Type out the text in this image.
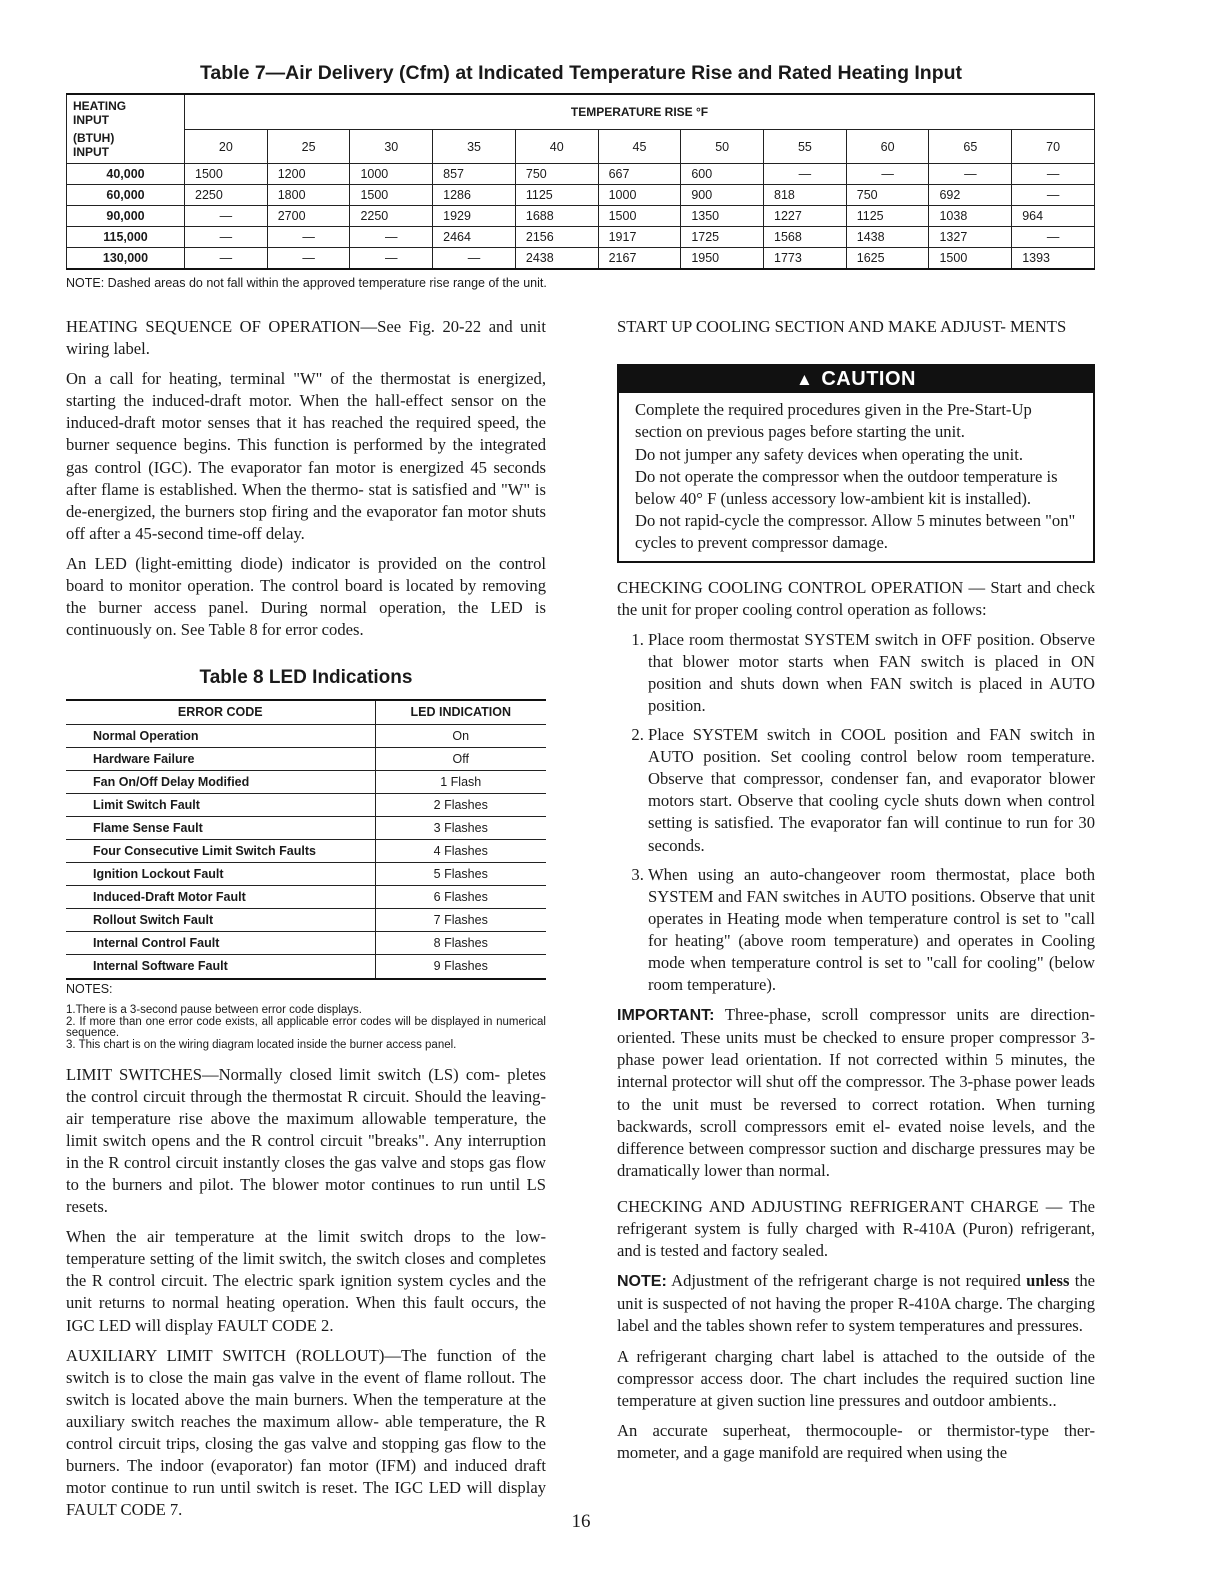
Table 7—Air Delivery (Cfm) at Indicated Temperature Rise and Rated Heating Input
HEATING
INPUT
(BTUH)
INPUT	TEMPERATURE RISE °F										
	20	25	30	35	40	45	50	55	60	65	70
40,000	1500	1200	1000	857	750	667	600	—	—	—	—
60,000	2250	1800	1500	1286	1125	1000	900	818	750	692	—
90,000	—	2700	2250	1929	1688	1500	1350	1227	1125	1038	964
115,000	—	—	—	2464	2156	1917	1725	1568	1438	1327	—
130,000	—	—	—	—	2438	2167	1950	1773	1625	1500	1393
NOTE: Dashed areas do not fall within the approved temperature rise range of the unit.

HEATING SEQUENCE OF OPERATION—See Fig. 20-22 and unit wiring label.

On a call for heating, terminal "W" of the thermostat is energized, starting the induced-draft motor. When the hall-effect sensor on the induced-draft motor senses that it has reached the required speed, the burner sequence begins. This function is performed by the integrated gas control (IGC). The evaporator fan motor is energized 45 seconds after flame is established. When the thermo- stat is satisfied and "W" is de-energized, the burners stop firing and the evaporator fan motor shuts off after a 45-second time-off delay.

An LED (light-emitting diode) indicator is provided on the control board to monitor operation. The control board is located by removing the burner access panel. During normal operation, the LED is continuously on. See Table 8 for error codes.

Table 8 LED Indications
ERROR CODE	LED INDICATION
Normal Operation	On
Hardware Failure	Off
Fan On/Off Delay Modified	1 Flash
Limit Switch Fault	2 Flashes
Flame Sense Fault	3 Flashes
Four Consecutive Limit Switch Faults	4 Flashes
Ignition Lockout Fault	5 Flashes
Induced-Draft Motor Fault	6 Flashes
Rollout Switch Fault	7 Flashes
Internal Control Fault	8 Flashes
Internal Software Fault	9 Flashes
NOTES:
1.There is a 3-second pause between error code displays.
2. If more than one error code exists, all applicable error codes will be displayed in numerical sequence.
3. This chart is on the wiring diagram located inside the burner access panel.

LIMIT SWITCHES—Normally closed limit switch (LS) com- pletes the control circuit through the thermostat R circuit. Should the leaving-air temperature rise above the maximum allowable temperature, the limit switch opens and the R control circuit "breaks". Any interruption in the R control circuit instantly closes the gas valve and stops gas flow to the burners and pilot. The blower motor continues to run until LS resets.

When the air temperature at the limit switch drops to the low-temperature setting of the limit switch, the switch closes and completes the R control circuit. The electric spark ignition system cycles and the unit returns to normal heating operation. When this fault occurs, the IGC LED will display FAULT CODE 2.

AUXILIARY LIMIT SWITCH (ROLLOUT)—The function of the switch is to close the main gas valve in the event of flame rollout. The switch is located above the main burners. When the temperature at the auxiliary switch reaches the maximum allow- able temperature, the R control circuit trips, closing the gas valve and stopping gas flow to the burners. The indoor (evaporator) fan motor (IFM) and induced draft motor continue to run until switch is reset. The IGC LED will display FAULT CODE 7.

START UP COOLING SECTION AND MAKE ADJUST- MENTS

▲ CAUTION
Complete the required procedures given in the Pre-Start-Up section on previous pages before starting the unit.
Do not jumper any safety devices when operating the unit.
Do not operate the compressor when the outdoor temperature is below 40° F (unless accessory low-ambient kit is installed).
Do not rapid-cycle the compressor. Allow 5 minutes between "on" cycles to prevent compressor damage.

CHECKING COOLING CONTROL OPERATION — Start and check the unit for proper cooling control operation as follows:

1. Place room thermostat SYSTEM switch in OFF position. Observe that blower motor starts when FAN switch is placed in ON position and shuts down when FAN switch is placed in AUTO position.
2. Place SYSTEM switch in COOL position and FAN switch in AUTO position. Set cooling control below room temperature. Observe that compressor, condenser fan, and evaporator blower motors start. Observe that cooling cycle shuts down when control setting is satisfied. The evaporator fan will continue to run for 30 seconds.
3. When using an auto-changeover room thermostat, place both SYSTEM and FAN switches in AUTO positions. Observe that unit operates in Heating mode when temperature control is set to "call for heating" (above room temperature) and operates in Cooling mode when temperature control is set to "call for cooling" (below room temperature).

IMPORTANT: Three-phase, scroll compressor units are direction-oriented. These units must be checked to ensure proper compressor 3-phase power lead orientation. If not corrected within 5 minutes, the internal protector will shut off the compressor. The 3-phase power leads to the unit must be reversed to correct rotation. When turning backwards, scroll compressors emit el- evated noise levels, and the difference between compressor suction and discharge pressures may be dramatically lower than normal.

CHECKING AND ADJUSTING REFRIGERANT CHARGE — The refrigerant system is fully charged with R-410A (Puron) refrigerant, and is tested and factory sealed.

NOTE: Adjustment of the refrigerant charge is not required unless the unit is suspected of not having the proper R-410A charge. The charging label and the tables shown refer to system temperatures and pressures.

A refrigerant charging chart label is attached to the outside of the compressor access door. The chart includes the required suction line temperature at given suction line pressures and outdoor ambients..

An accurate superheat, thermocouple- or thermistor-type ther- mometer, and a gage manifold are required when using the

16
